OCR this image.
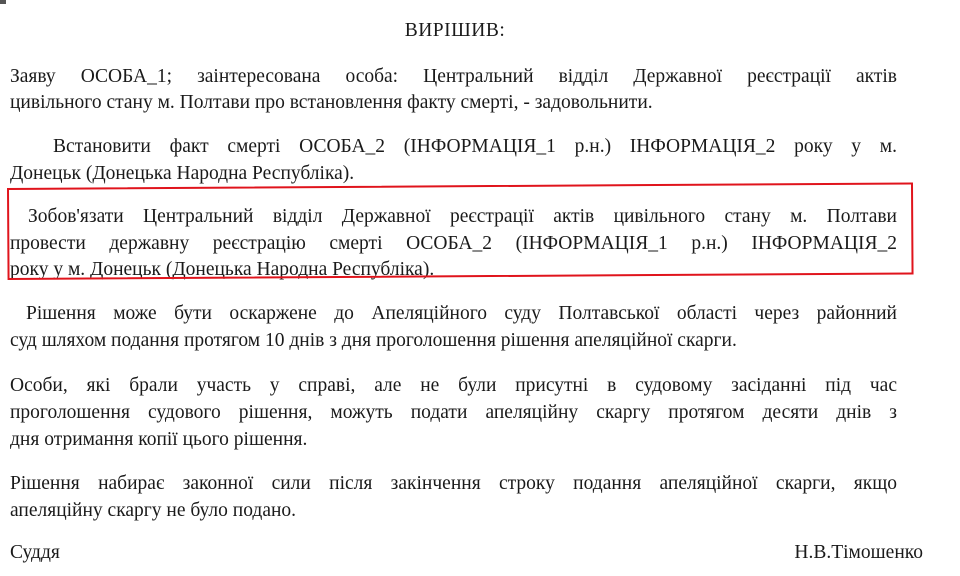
ВИРІШИВ:
Заяву ОСОБА_1; заінтересована особа: Центральний відділ Державної реєстрації актів
цивільного стану м. Полтави про встановлення факту смерті, - задовольнити.
Встановити факт смерті ОСОБА_2 (ІНФОРМАЦІЯ_1 р.н.) ІНФОРМАЦІЯ_2 року у м.
Донецьк (Донецька Народна Республіка).
Зобов'язати Центральний відділ Державної реєстрації актів цивільного стану м. Полтави
провести державну реєстрацію смерті ОСОБА_2 (ІНФОРМАЦІЯ_1 р.н.) ІНФОРМАЦІЯ_2
року у м. Донецьк (Донецька Народна Республіка).
Рішення може бути оскаржене до Апеляційного суду Полтавської області через районний
суд шляхом подання протягом 10 днів з дня проголошення рішення апеляційної скарги.
Особи, які брали участь у справі, але не були присутні в судовому засіданні під час
проголошення судового рішення, можуть подати апеляційну скаргу протягом десяти днів з
дня отримання копії цього рішення.
Рішення набирає законної сили після закінчення строку подання апеляційної скарги, якщо
апеляційну скаргу не було подано.
Суддя	Н.В.Тімошенко
